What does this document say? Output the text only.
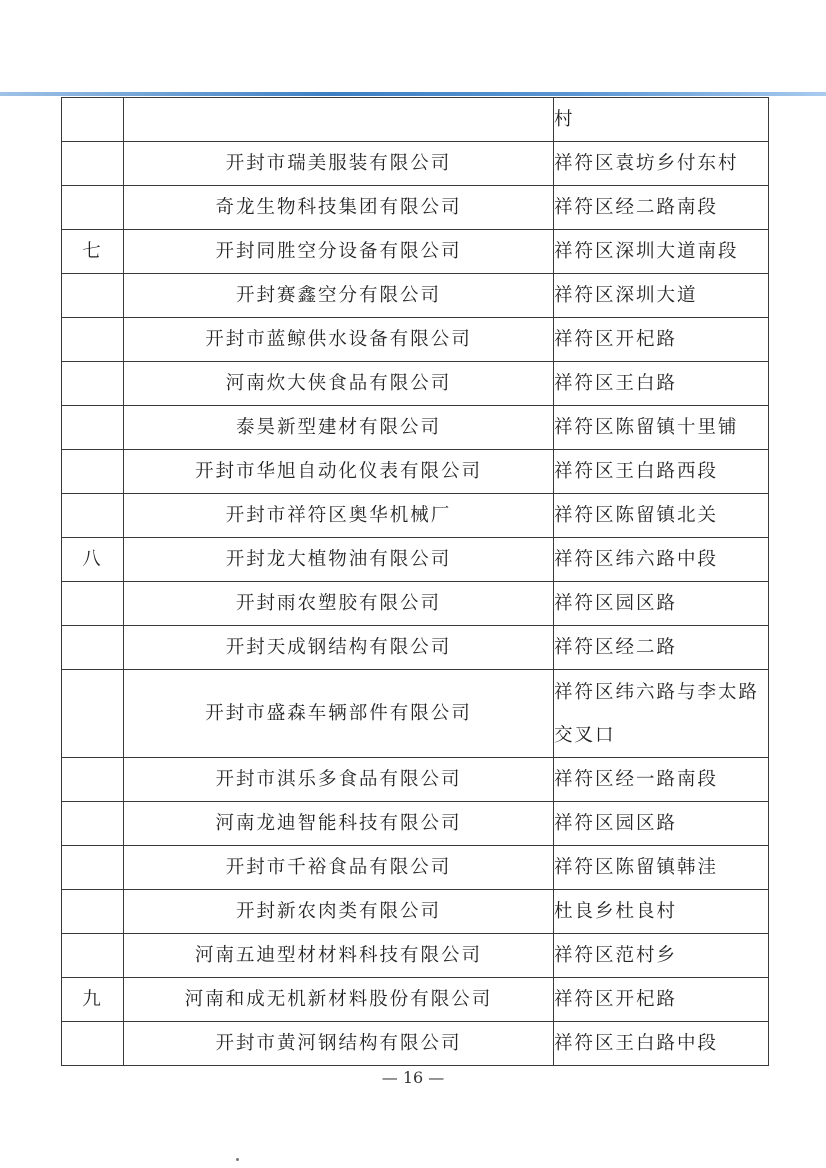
		村
	开封市瑞美服装有限公司	祥符区袁坊乡付东村
	奇龙生物科技集团有限公司	祥符区经二路南段
七	开封同胜空分设备有限公司	祥符区深圳大道南段
	开封赛鑫空分有限公司	祥符区深圳大道
	开封市蓝鲸供水设备有限公司	祥符区开杞路
	河南炊大侠食品有限公司	祥符区王白路
	泰昊新型建材有限公司	祥符区陈留镇十里铺
	开封市华旭自动化仪表有限公司	祥符区王白路西段
	开封市祥符区奥华机械厂	祥符区陈留镇北关
八	开封龙大植物油有限公司	祥符区纬六路中段
	开封雨农塑胶有限公司	祥符区园区路
	开封天成钢结构有限公司	祥符区经二路
	开封市盛森车辆部件有限公司	祥符区纬六路与李太路交叉口

	开封市淇乐多食品有限公司	祥符区经一路南段
	河南龙迪智能科技有限公司	祥符区园区路
	开封市千裕食品有限公司	祥符区陈留镇韩洼
	开封新农肉类有限公司	杜良乡杜良村
	河南五迪型材材料科技有限公司	祥符区范村乡
九	河南和成无机新材料股份有限公司	祥符区开杞路
	开封市黄河钢结构有限公司	祥符区王白路中段
— 16 —
